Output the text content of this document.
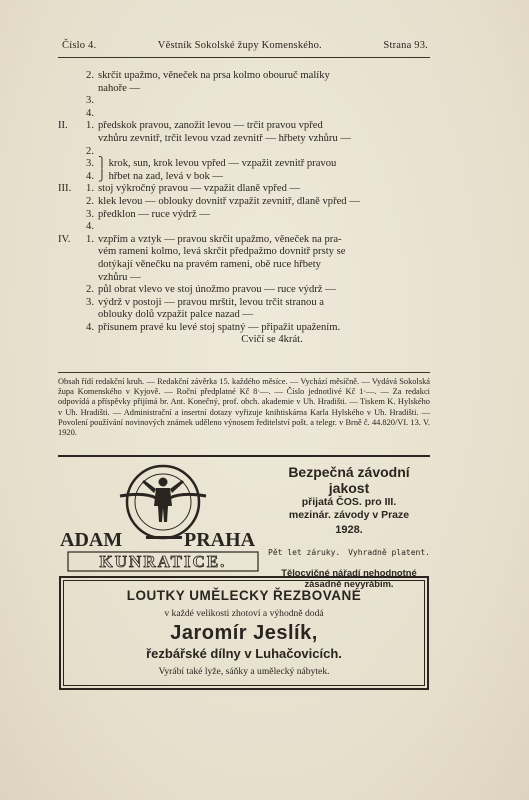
Číslo 4.	Věstník Sokolské župy Komenského.	Strana 93.
2. skrčit upažmo, věneček na prsa kolmo obouruč malíky
nahoře —
3.
4.
II.	1. předskok pravou, zanožit levou — trčit pravou vpřed
vzhůru zevnitř, trčit levou vzad zevnitř — hřbety vzhůru —
2.
3. ⎫ krok, sun, krok levou vpřed — vzpažit zevnitř pravou
4. ⎭ hřbet na zad, levá v bok —
III.	1. stoj výkročný pravou — vzpažit dlaně vpřed —
2. klek levou — oblouky dovnitř vzpažit zevnitř, dlaně vpřed —
3. předklon — ruce výdrž —
4.
IV.	1. vzpřím a vztyk — pravou skrčit upažmo, věneček na pra-
vém rameni kolmo, levá skrčit předpažmo dovnitř prsty se
dotýkají věnečku na pravém rameni, obě ruce hřbety
vzhůru —
2. půl obrat vlevo ve stoj únožmo pravou — ruce výdrž —
3. výdrž v postoji — pravou mrštit, levou trčit stranou a
oblouky dolů vzpažit palce nazad —
4. přísunem pravé ku levé stoj spatný — připažit upažením.
Cvičí se 4krát.
Obsah řídí redakční kruh. — Redakční závěrka 15. každého měsíce. — Vychází měsíčně. — Vydává Sokolská župa Komenského v Kyjově. — Roční předplatné Kč 8·—. — Číslo jednotlivé Kč 1·—. — Za redakci odpovídá a příspěvky přijímá br. Ant. Konečný, prof. obch. akademie v Uh. Hradišti. — Tiskem K. Hylského v Uh. Hradišti. — Administrační a insertní dotazy vyřizuje knihtiskárna Karla Hylského v Uh. Hradišti. — Povolení používání novinových známek uděleno výnosem ředitelství pošt. a telegr. v Brně č. 44.820/VI. 13. V. 1920.
ADAM	PRAHA
KUNRATICE.
Bezpečná závodní jakost
přijatá ČOS. pro III.
mezinár. závody v Praze
1928.
Pět let záruky. Vyhradně platent.
Tělocvičné nářadí nehodnotné
zásadně nevyrábím.
LOUTKY UMĚLECKY ŘEZBOVANÉ
v každé velikosti zhotoví a výhodně dodá
Jaromír Jeslík,
řezbářské dílny v Luhačovicích.
Vyrábí také lyže, sáňky a umělecký nábytek.
